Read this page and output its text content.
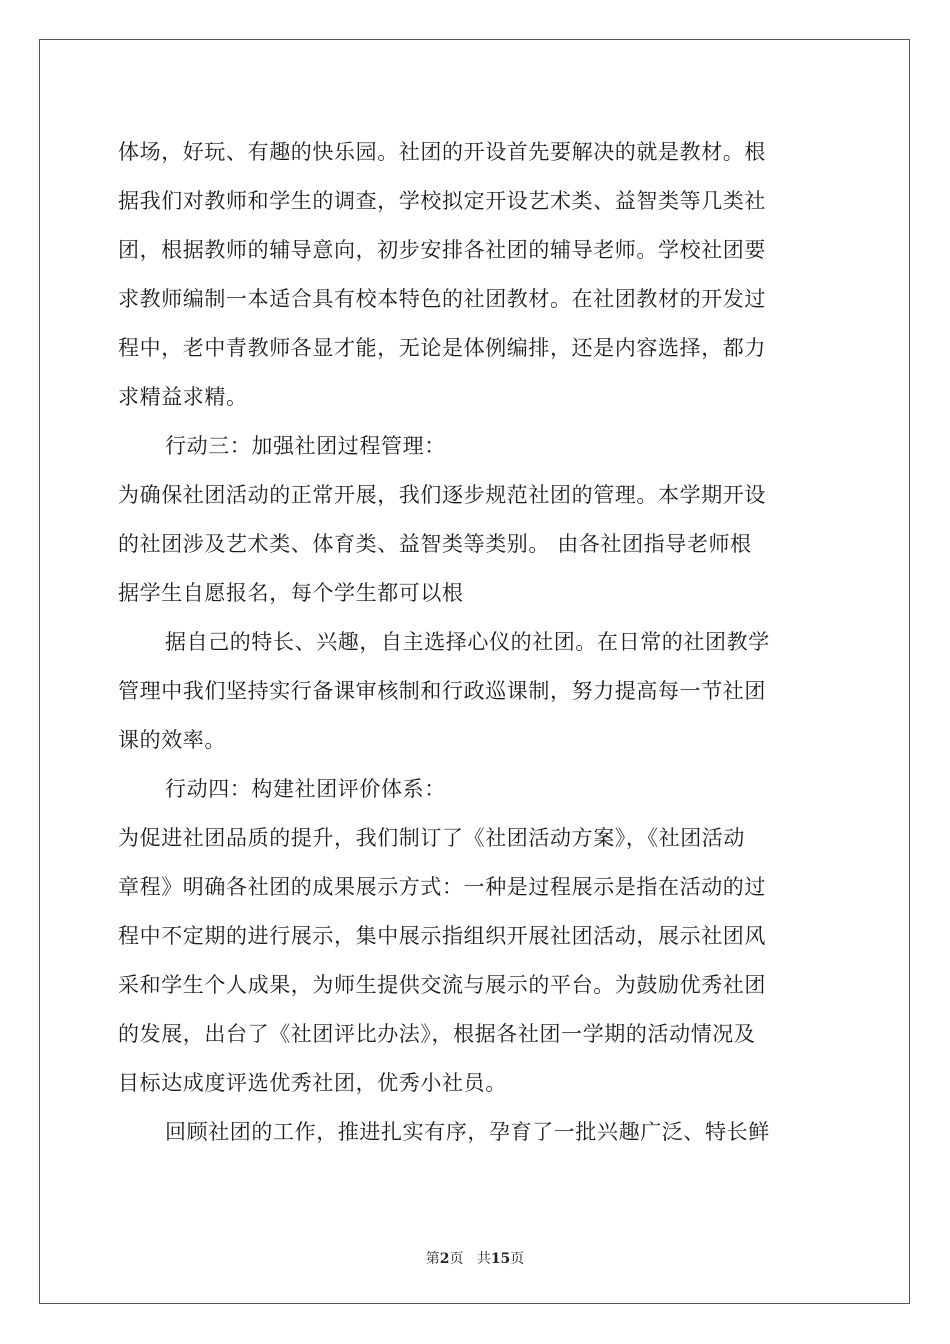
体场，好玩、有趣的快乐园。社团的开设首先要解决的就是教材。根
据我们对教师和学生的调查，学校拟定开设艺术类、益智类等几类社
团，根据教师的辅导意向，初步安排各社团的辅导老师。学校社团要
求教师编制一本适合具有校本特色的社团教材。在社团教材的开发过
程中，老中青教师各显才能，无论是体例编排，还是内容选择，都力
求精益求精。
行动三：加强社团过程管理：
为确保社团活动的正常开展，我们逐步规范社团的管理。本学期开设
的社团涉及艺术类、体育类、益智类等类别。 由各社团指导老师根
据学生自愿报名，每个学生都可以根
据自己的特长、兴趣，自主选择心仪的社团。在日常的社团教学
管理中我们坚持实行备课审核制和行政巡课制，努力提高每一节社团
课的效率。
行动四：构建社团评价体系：
为促进社团品质的提升，我们制订了《社团活动方案》，《社团活动
章程》明确各社团的成果展示方式：一种是过程展示是指在活动的过
程中不定期的进行展示，集中展示指组织开展社团活动，展示社团风
采和学生个人成果，为师生提供交流与展示的平台。为鼓励优秀社团
的发展，出台了《社团评比办法》，根据各社团一学期的活动情况及
目标达成度评选优秀社团，优秀小社员。
回顾社团的工作，推进扎实有序，孕育了一批兴趣广泛、特长鲜
第2页 共15页
